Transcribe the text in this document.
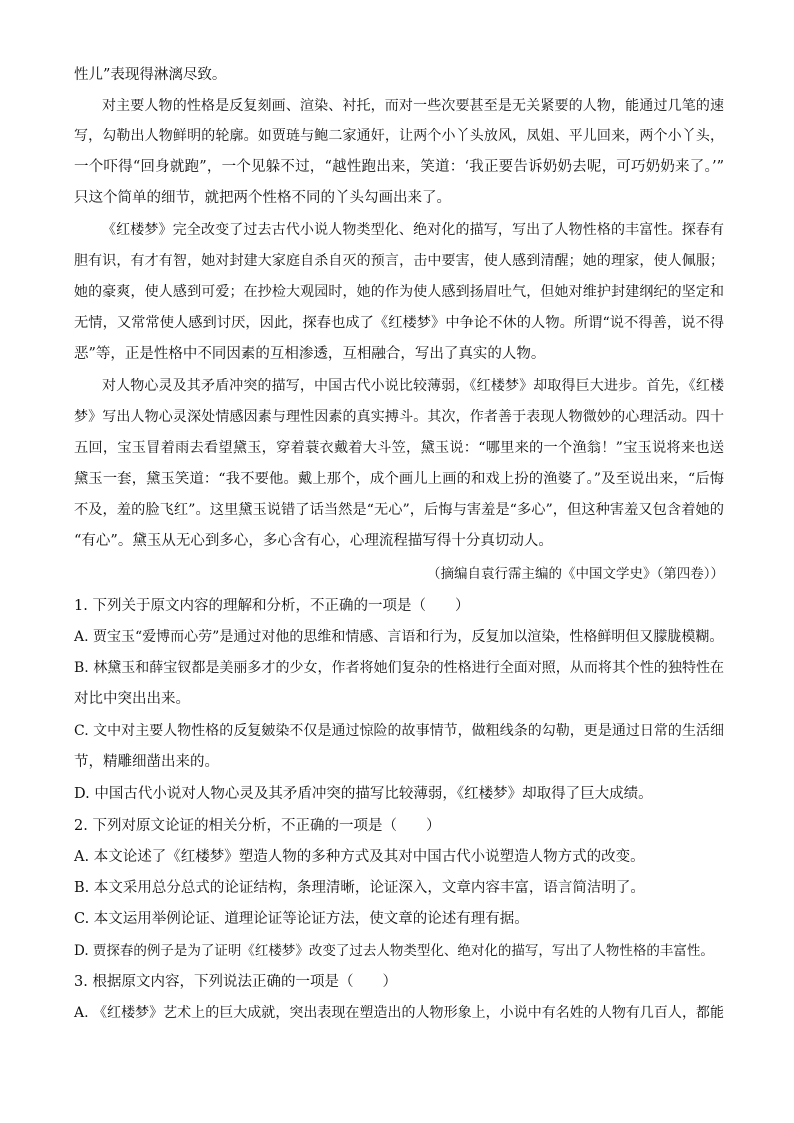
性儿”表现得淋漓尽致。
对主要人物的性格是反复刻画、渲染、衬托，而对一些次要甚至是无关紧要的人物，能通过几笔的速
写，勾勒出人物鲜明的轮廓。如贾琏与鲍二家通奸，让两个小丫头放风，凤姐、平儿回来，两个小丫头，
一个吓得“回身就跑”，一个见躲不过，“越性跑出来，笑道：‘我正要告诉奶奶去呢，可巧奶奶来了。’”
只这个简单的细节，就把两个性格不同的丫头勾画出来了。
《红楼梦》完全改变了过去古代小说人物类型化、绝对化的描写，写出了人物性格的丰富性。探春有
胆有识，有才有智，她对封建大家庭自杀自灭的预言，击中要害，使人感到清醒；她的理家，使人佩服；
她的豪爽，使人感到可爱；在抄检大观园时，她的作为使人感到扬眉吐气，但她对维护封建纲纪的坚定和
无情，又常常使人感到讨厌，因此，探春也成了《红楼梦》中争论不休的人物。所谓“说不得善，说不得
恶”等，正是性格中不同因素的互相渗透，互相融合，写出了真实的人物。
对人物心灵及其矛盾冲突的描写，中国古代小说比较薄弱，《红楼梦》却取得巨大进步。首先，《红楼
梦》写出人物心灵深处情感因素与理性因素的真实搏斗。其次，作者善于表现人物微妙的心理活动。四十
五回，宝玉冒着雨去看望黛玉，穿着蓑衣戴着大斗笠，黛玉说：“哪里来的一个渔翁！”宝玉说将来也送
黛玉一套，黛玉笑道：“我不要他。戴上那个，成个画儿上画的和戏上扮的渔婆了。”及至说出来，“后悔
不及，羞的脸飞红”。这里黛玉说错了话当然是“无心”，后悔与害羞是“多心”，但这种害羞又包含着她的
“有心”。黛玉从无心到多心，多心含有心，心理流程描写得十分真切动人。
（摘编自袁行霈主编的《中国文学史》（第四卷））
1. 下列关于原文内容的理解和分析，不正确的一项是（　　）
A. 贾宝玉“爱博而心劳”是通过对他的思维和情感、言语和行为，反复加以渲染，性格鲜明但又朦胧模糊。
B. 林黛玉和薛宝钗都是美丽多才的少女，作者将她们复杂的性格进行全面对照，从而将其个性的独特性在
对比中突出出来。
C. 文中对主要人物性格的反复皴染不仅是通过惊险的故事情节，做粗线条的勾勒，更是通过日常的生活细
节，精雕细凿出来的。
D. 中国古代小说对人物心灵及其矛盾冲突的描写比较薄弱，《红楼梦》却取得了巨大成绩。
2. 下列对原文论证的相关分析，不正确的一项是（　　）
A. 本文论述了《红楼梦》塑造人物的多种方式及其对中国古代小说塑造人物方式的改变。
B. 本文采用总分总式的论证结构，条理清晰，论证深入，文章内容丰富，语言简洁明了。
C. 本文运用举例论证、道理论证等论证方法，使文章的论述有理有据。
D. 贾探春的例子是为了证明《红楼梦》改变了过去人物类型化、绝对化的描写，写出了人物性格的丰富性。
3. 根据原文内容，下列说法正确的一项是（　　）
A. 《红楼梦》艺术上的巨大成就，突出表现在塑造出的人物形象上，小说中有名姓的人物有几百人，都能
